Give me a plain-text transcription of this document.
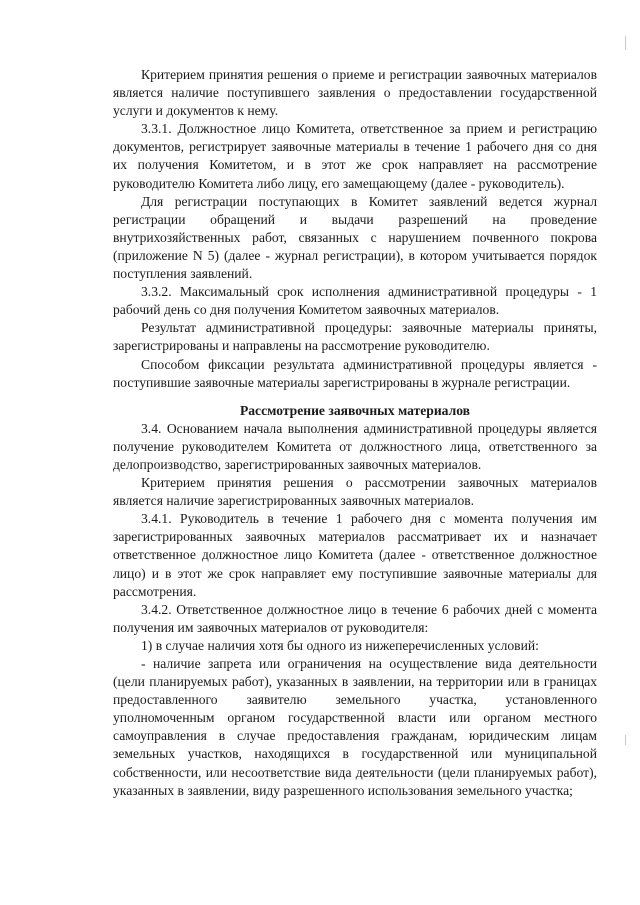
Критерием принятия решения о приеме и регистрации заявочных материалов является наличие поступившего заявления о предоставлении государственной услуги и документов к нему.

3.3.1. Должностное лицо Комитета, ответственное за прием и регистрацию документов, регистрирует заявочные материалы в течение 1 рабочего дня со дня их получения Комитетом, и в этот же срок направляет на рассмотрение руководителю Комитета либо лицу, его замещающему (далее - руководитель).

Для регистрации поступающих в Комитет заявлений ведется журнал регистрации обращений и выдачи разрешений на проведение внутрихозяйственных работ, связанных с нарушением почвенного покрова (приложение N 5) (далее - журнал регистрации), в котором учитывается порядок поступления заявлений.

3.3.2. Максимальный срок исполнения административной процедуры - 1 рабочий день со дня получения Комитетом заявочных материалов.

Результат административной процедуры: заявочные материалы приняты, зарегистрированы и направлены на рассмотрение руководителю.

Способом фиксации результата административной процедуры является - поступившие заявочные материалы зарегистрированы в журнале регистрации.

Рассмотрение заявочных материалов

3.4. Основанием начала выполнения административной процедуры является получение руководителем Комитета от должностного лица, ответственного за делопроизводство, зарегистрированных заявочных материалов.

Критерием принятия решения о рассмотрении заявочных материалов является наличие зарегистрированных заявочных материалов.

3.4.1. Руководитель в течение 1 рабочего дня с момента получения им зарегистрированных заявочных материалов рассматривает их и назначает ответственное должностное лицо Комитета (далее - ответственное должностное лицо) и в этот же срок направляет ему поступившие заявочные материалы для рассмотрения.

3.4.2. Ответственное должностное лицо в течение 6 рабочих дней с момента получения им заявочных материалов от руководителя:

1) в случае наличия хотя бы одного из нижеперечисленных условий:

- наличие запрета или ограничения на осуществление вида деятельности (цели планируемых работ), указанных в заявлении, на территории или в границах предоставленного заявителю земельного участка, установленного уполномоченным органом государственной власти или органом местного самоуправления в случае предоставления гражданам, юридическим лицам земельных участков, находящихся в государственной или муниципальной собственности, или несоответствие вида деятельности (цели планируемых работ), указанных в заявлении, виду разрешенного использования земельного участка;
